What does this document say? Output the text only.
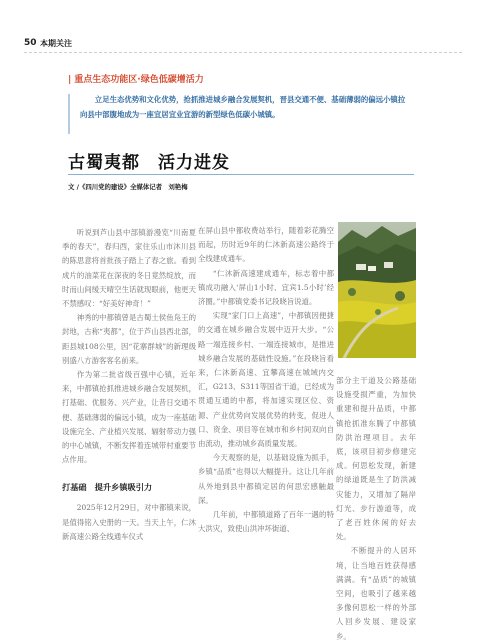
50 本期关注
| 重点生态功能区·绿色低碳增活力
立足生态优势和文化优势，抢抓推进城乡融合发展契机，晋县交通不便、基础薄弱的偏远小镇拉向县中部腹地成为一座宜居宜业宜游的新型绿色低碳小城镇。
古蜀夷都 活力进发
文 /《四川党的建设》全媒体记者　刘艳梅

听说到芦山县中部镇游漫览“川南夏季的春天”，春归西，家住乐山市沐川县的陈思意将首批孩子踏上了春之旅。看到成片的油菜花在深夜的冬日竟然绽放，而时而山间缓天晴空生话就现眼前，他更天不禁感叹：“好美好神奇！”

神秀的中都镇曾是古蜀土侯鱼凫王的封地，古称“夷都”，位于芦山县西北部，距县城108公里，因“花寨群城”的新理级别盛八方游客客名前来。

作为第二批省级百强中心镇，近年来，中都镇抢抓推进城乡融合发展契机，打基础、优服务、兴产业，让昔日交通不便、基础薄弱的偏远小镇，成为一座基础设施完全、产业植兴发展、辐射带动力强的中心城镇，不断发挥着连城带村重要节点作用。

打基础　提升乡镇吸引力

2025年12月29日，对中都镇来说，是值得铭入史册的一天。当天上午，仁沐新高速公路全线通车仪式

在屏山县中都收费站举行，随着彩花腾空而起，历时近9年的仁沐新高速公路终于全线建成通车。

“仁沐新高速建成通车，标志着中都镇成功融入‘屏山1小时、宜宾1.5小时’经济圈。”中都镇党委书记段晓旨说道。

实现“家门口上高速”，中都镇因便捷的交通在城乡融合发展中迈开大步。“公路一端连接乡村、一端连接城市，是推进城乡融合发展的基础性设施。”在段晓旨看来，仁沐新高速、宜攀高速在城域内交汇，G213、S311等国省干道，已经成为贯通互通的中都，将加速实现区位、资源、产业优势向发展优势的转变，促进人口、资金、项目等在城市和乡村间双向自由流动，推动城乡高质量发展。

今天观察的是，以基础设施为抓手，乡镇“品质”也得以大幅提升。这让几年前从外地到县中都镇定居的何思宏感触最深。

几年前，中都镇道路了百年一遇的特大洪灾，致使山洪冲坏街道、

部分主干道及公路基础设施受损严重，为加快重建和提升品质，中都镇抢抓准东腾了中都镇防洪治理项目。去年底，该项目初步修建完成。何思松发现，新建的绿道既是生了防洪减灾能力，又增加了隔岸灯光、步行游道等，成了老百姓休闲的好去处。

不断提升的人居环境，让当地百姓获得感满满。有“品质”的城镇空间，也吸引了越来越多像何思松一样的外部人回乡发展、建设家乡。
